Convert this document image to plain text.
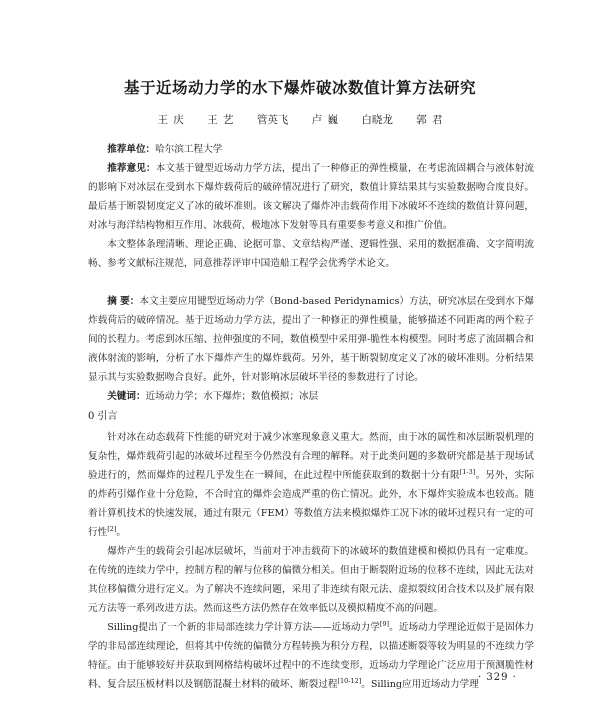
基于近场动力学的水下爆炸破冰数值计算方法研究
王 庆 王 艺 管英飞 卢 巍 白晓龙 郭 君

推荐单位：哈尔滨工程大学

推荐意见：本文基于键型近场动力学方法，提出了一种修正的弹性模量，在考虑流固耦合与液体射流的影响下对冰层在受到水下爆炸载荷后的破碎情况进行了研究，数值计算结果其与实验数据吻合度良好。最后基于断裂韧度定义了冰的破坏准则。该文解决了爆炸冲击载荷作用下冰破坏不连续的数值计算问题，对冰与海洋结构物相互作用、冰载荷、极地冰下发射等具有重要参考意义和推广价值。

本文整体条理清晰、理论正确、论据可靠、文章结构严谨、逻辑性强、采用的数据准确、文字简明流畅、参考文献标注规范，同意推荐评审中国造船工程学会优秀学术论文。

摘 要：本文主要应用键型近场动力学（Bond-based Peridynamics）方法，研究冰层在受到水下爆炸载荷后的破碎情况。基于近场动力学方法，提出了一种修正的弹性模量，能够描述不同距离的两个粒子间的长程力。考虑到冰压缩、拉伸强度的不同，数值模型中采用弹-脆性本构模型。同时考虑了流固耦合和液体射流的影响，分析了水下爆炸产生的爆炸载荷。另外，基于断裂韧度定义了冰的破坏准则。分析结果显示其与实验数据吻合良好。此外，针对影响冰层破坏半径的参数进行了讨论。

关键词：近场动力学；水下爆炸；数值模拟；冰层

0 引言

针对冰在动态载荷下性能的研究对于减少冰塞现象意义重大。然而，由于冰的属性和冰层断裂机理的复杂性，爆炸载荷引起的冰破坏过程至今仍然没有合理的解释。对于此类问题的多数研究都是基于现场试验进行的，然而爆炸的过程几乎发生在一瞬间，在此过程中所能获取到的数据十分有限[1-3]。另外，实际的炸药引爆作业十分危险，不合时宜的爆炸会造成严重的伤亡情况。此外，水下爆炸实验成本也较高。随着计算机技术的快速发展，通过有限元（FEM）等数值方法来模拟爆炸工况下冰的破坏过程只有一定的可行性[2]。

爆炸产生的载荷会引起冰层破坏，当前对于冲击载荷下的冰破坏的数值建模和模拟仍具有一定难度。在传统的连续力学中，控制方程的解与位移的偏微分相关。但由于断裂附近场的位移不连续，因此无法对其位移偏微分进行定义。为了解决不连续问题，采用了非连续有限元法、虚拟裂纹闭合技术以及扩展有限元方法等一系列改进方法。然而这些方法仍然存在效率低以及模拟精度不高的问题。

Silling提出了一个新的非局部连续力学计算方法——近场动力学[9]。近场动力学理论近似于是固体力学的非局部连续理论，但将其中传统的偏微分方程转换为积分方程，以描述断裂等较为明显的不连续力学特征。由于能够较好并获取到网格结构破坏过程中的不连续变形，近场动力学理论广泛应用于预测脆性材料、复合层压板材料以及钢筋混凝土材料的破坏、断裂过程[10-12]。Silling应用近场动力学理

· 329 ·
